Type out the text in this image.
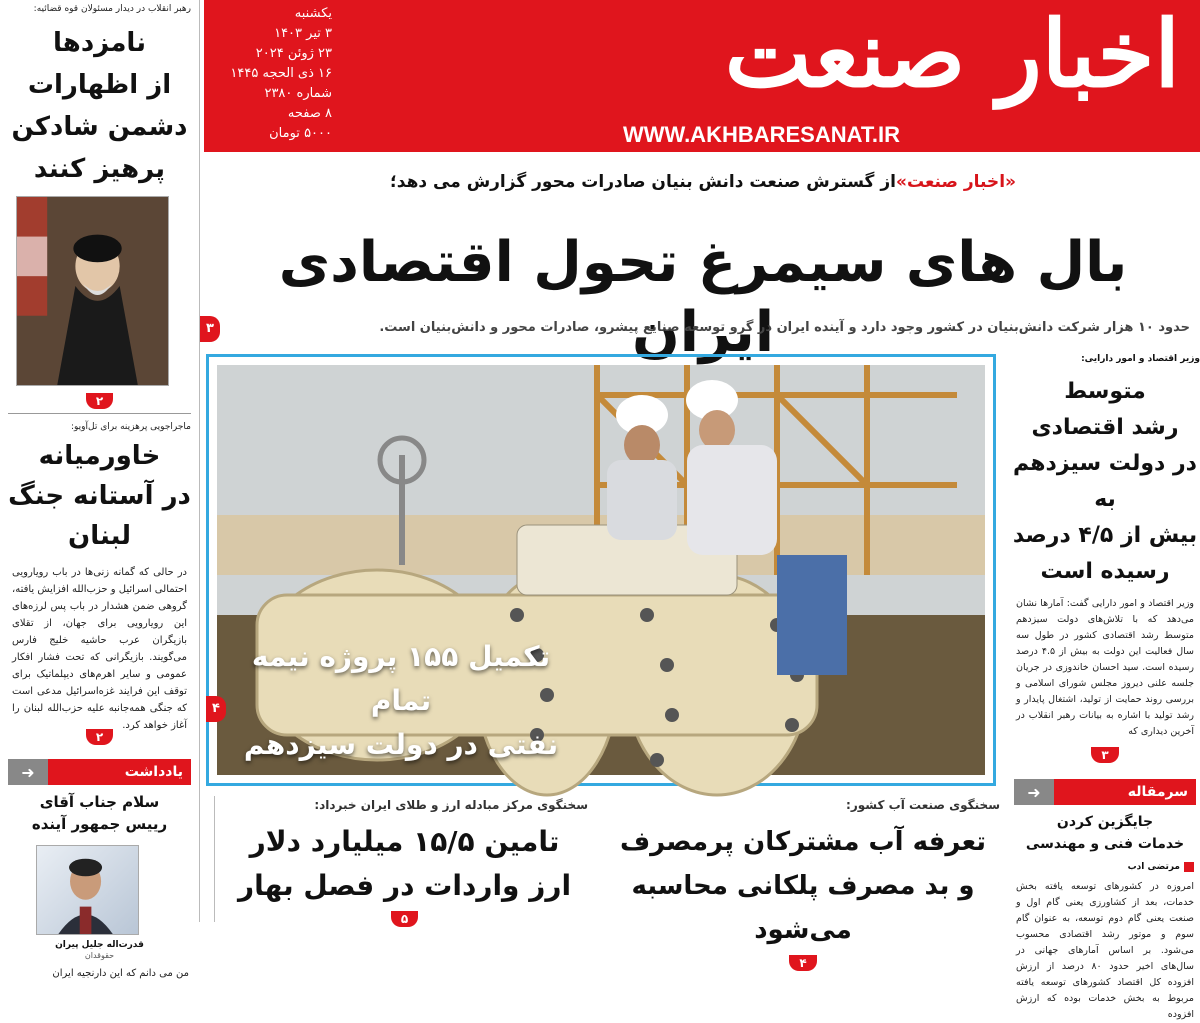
رهبر انقلاب در دیدار مسئولان قوه قضائیه:
نامزدها
از اظهارات
دشمن شادکن
پرهیز کنند
۲
ماجراجویی پرهزینه برای تل‌آویو:
خاورمیانه
در آستانه جنگ
لبنان
در حالی که گمانه زنی‌ها در باب رویارویی احتمالی اسرائیل و حزب‌الله افزایش یافته، گروهی ضمن هشدار در باب پس لرزه‌های این رویارویی برای جهان، از تقلای بازیگران عرب حاشیه خلیج فارس می‌گویند. بازیگرانی که تحت فشار افکار عمومی و سایر اهرم‌های دیپلماتیک برای توقف این فرایند غزه‌اسرائیل مدعی است که جنگی همه‌جانبه علیه حزب‌الله لبنان را آغاز خواهد کرد.
۲
یادداشت
➜
سلام جناب آقای
رییس جمهور آینده
قدرت‌اله جلیل پیران
حقوقدان
من می دانم که این دارنجیه ایران
اخبار صنعت
WWW.AKHBARESANAT.IR
یکشنبه
۳ تیر ۱۴۰۳
۲۳ ژوئن ۲۰۲۴
۱۶ ذی الحجه ۱۴۴۵
شماره ۲۳۸۰
۸ صفحه
۵۰۰۰ تومان
«اخبار صنعت»از گسترش صنعت دانش بنیان صادرات محور گزارش می دهد؛
بال های سیمرغ تحول اقتصادی ایران
۳	حدود ۱۰ هزار شرکت دانش‌بنیان در کشور وجود دارد و آینده ایران در گرو توسعه صنایع پیشرو، صادرات محور و دانش‌بنیان است.
تکمیل ۱۵۵ پروژه نیمه تمام
نفتی در دولت سیزدهم
۴
وزیر اقتصاد و امور دارایی:
متوسط
رشد اقتصادی
در دولت سیزدهم به
بیش از ۴/۵ درصد
رسیده است
وزیر اقتصاد و امور دارایی گفت: آمارها نشان می‌دهد که با تلاش‌های دولت سیزدهم متوسط رشد اقتصادی کشور در طول سه سال فعالیت این دولت به بیش از ۴.۵ درصد رسیده است. سید احسان خاندوزی در جریان جلسه علنی دیروز مجلس شورای اسلامی و بررسی روند حمایت از تولید، اشتغال پایدار و رشد تولید با اشاره به بیانات رهبر انقلاب در آخرین دیداری که
۳
سرمقاله
➜
جایگزین کردن
خدمات فنی و مهندسی
مرتضی ادب
امروزه در کشورهای توسعه یافته بخش خدمات، بعد از کشاورزی یعنی گام اول و صنعت یعنی گام دوم توسعه، به عنوان گام سوم و موتور رشد اقتصادی محسوب می‌شود. بر اساس آمارهای جهانی در سال‌های اخیر حدود ۸۰ درصد از ارزش افزوده کل اقتصاد کشورهای توسعه یافته مربوط به بخش خدمات بوده که ارزش افزوده
سخنگوی مرکز مبادله ارز و طلای ایران خبرداد:
تامین ۱۵/۵ میلیارد دلار
ارز واردات در فصل بهار
۵
سخنگوی صنعت آب کشور:
تعرفه آب مشترکان پرمصرف
و بد مصرف پلکانی محاسبه می‌شود
۴
